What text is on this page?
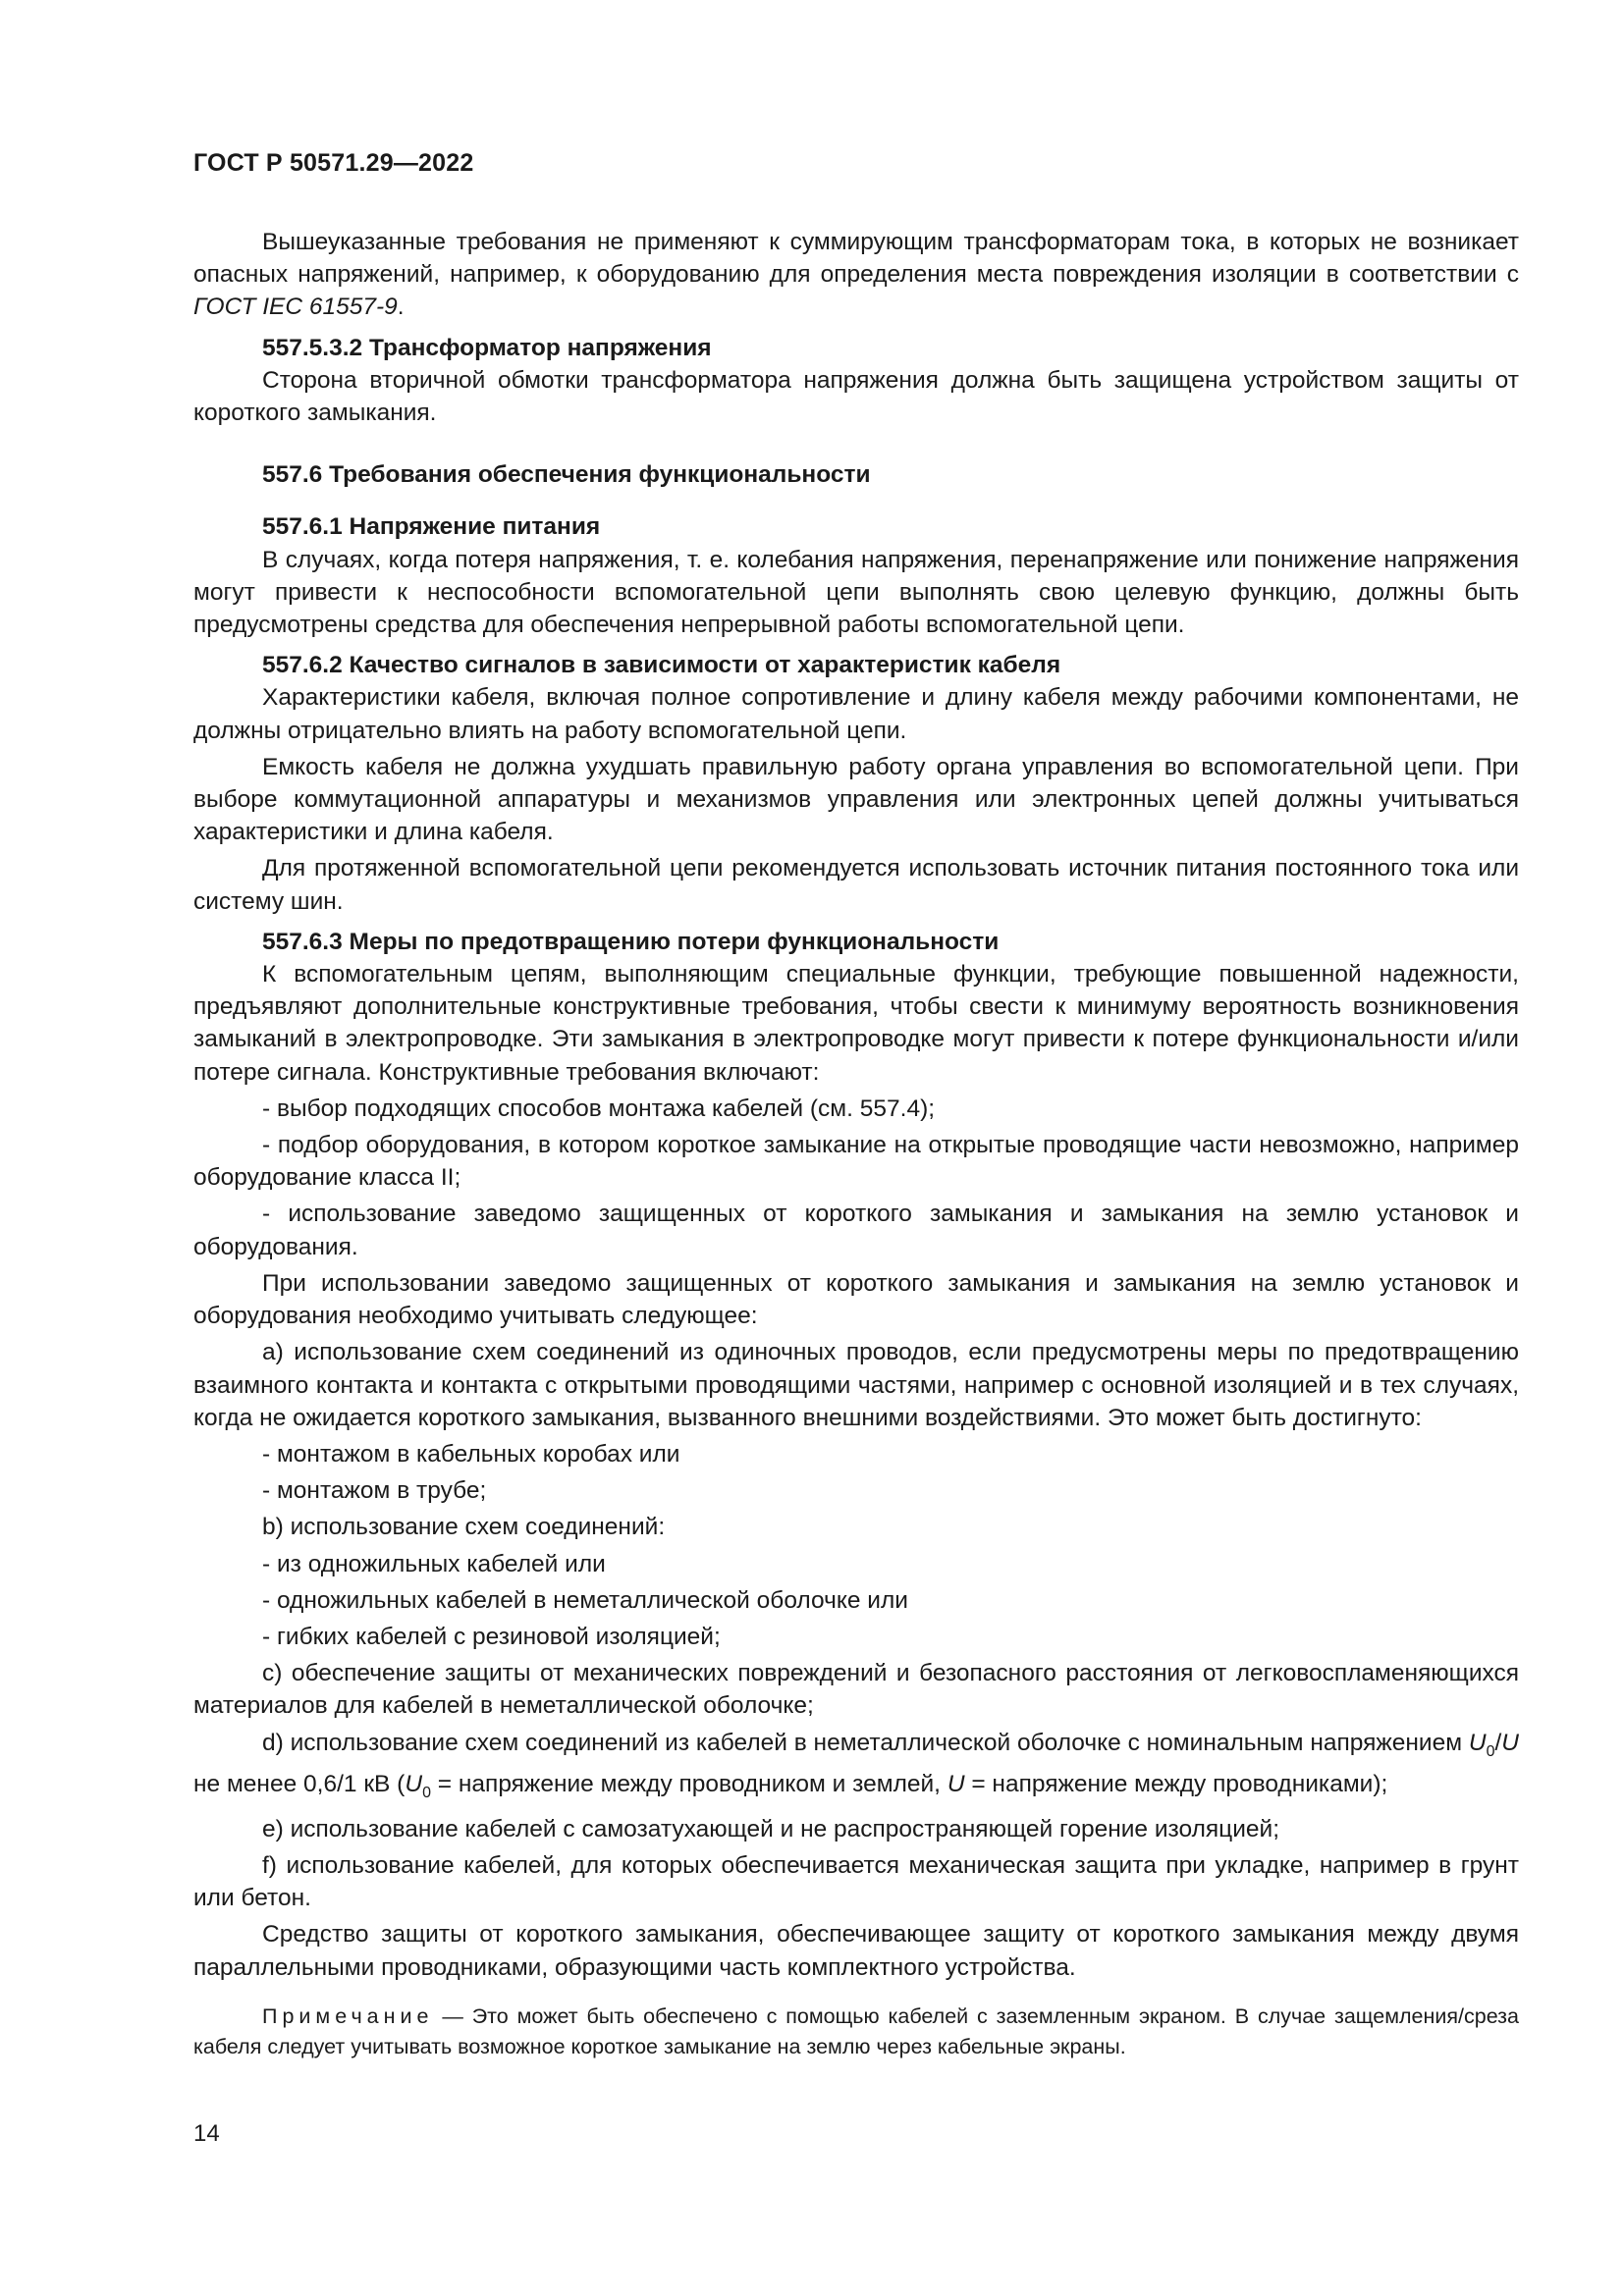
ГОСТ Р 50571.29—2022

Вышеуказанные требования не применяют к суммирующим трансформаторам тока, в которых не возникает опасных напряжений, например, к оборудованию для определения места повреждения изоляции в соответствии с ГОСТ IEC 61557-9.

557.5.3.2 Трансформатор напряжения

Сторона вторичной обмотки трансформатора напряжения должна быть защищена устройством защиты от короткого замыкания.

557.6 Требования обеспечения функциональности
557.6.1 Напряжение питания

В случаях, когда потеря напряжения, т. е. колебания напряжения, перенапряжение или понижение напряжения могут привести к неспособности вспомогательной цепи выполнять свою целевую функцию, должны быть предусмотрены средства для обеспечения непрерывной работы вспомогательной цепи.

557.6.2 Качество сигналов в зависимости от характеристик кабеля

Характеристики кабеля, включая полное сопротивление и длину кабеля между рабочими компонентами, не должны отрицательно влиять на работу вспомогательной цепи.

Емкость кабеля не должна ухудшать правильную работу органа управления во вспомогательной цепи. При выборе коммутационной аппаратуры и механизмов управления или электронных цепей должны учитываться характеристики и длина кабеля.

Для протяженной вспомогательной цепи рекомендуется использовать источник питания постоянного тока или систему шин.

557.6.3 Меры по предотвращению потери функциональности

К вспомогательным цепям, выполняющим специальные функции, требующие повышенной надежности, предъявляют дополнительные конструктивные требования, чтобы свести к минимуму вероятность возникновения замыканий в электропроводке. Эти замыкания в электропроводке могут привести к потере функциональности и/или потере сигнала. Конструктивные требования включают:

- выбор подходящих способов монтажа кабелей (см. 557.4);

- подбор оборудования, в котором короткое замыкание на открытые проводящие части невозможно, например оборудование класса II;

- использование заведомо защищенных от короткого замыкания и замыкания на землю установок и оборудования.

При использовании заведомо защищенных от короткого замыкания и замыкания на землю установок и оборудования необходимо учитывать следующее:

а) использование схем соединений из одиночных проводов, если предусмотрены меры по предотвращению взаимного контакта и контакта с открытыми проводящими частями, например с основной изоляцией и в тех случаях, когда не ожидается короткого замыкания, вызванного внешними воздействиями. Это может быть достигнуто:

- монтажом в кабельных коробах или

- монтажом в трубе;

b) использование схем соединений:

- из одножильных кабелей или

- одножильных кабелей в неметаллической оболочке или

- гибких кабелей с резиновой изоляцией;

с) обеспечение защиты от механических повреждений и безопасного расстояния от легковоспламеняющихся материалов для кабелей в неметаллической оболочке;

d) использование схем соединений из кабелей в неметаллической оболочке с номинальным напряжением $U_0/U$ не менее 0,6/1 кВ ($U_0$ = напряжение между проводником и землей, U = напряжение между проводниками);

е) использование кабелей с самозатухающей и не распространяющей горение изоляцией;

f) использование кабелей, для которых обеспечивается механическая защита при укладке, например в грунт или бетон.

Средство защиты от короткого замыкания, обеспечивающее защиту от короткого замыкания между двумя параллельными проводниками, образующими часть комплектного устройства.

Примечание — Это может быть обеспечено с помощью кабелей с заземленным экраном. В случае защемления/среза кабеля следует учитывать возможное короткое замыкание на землю через кабельные экраны.
14
